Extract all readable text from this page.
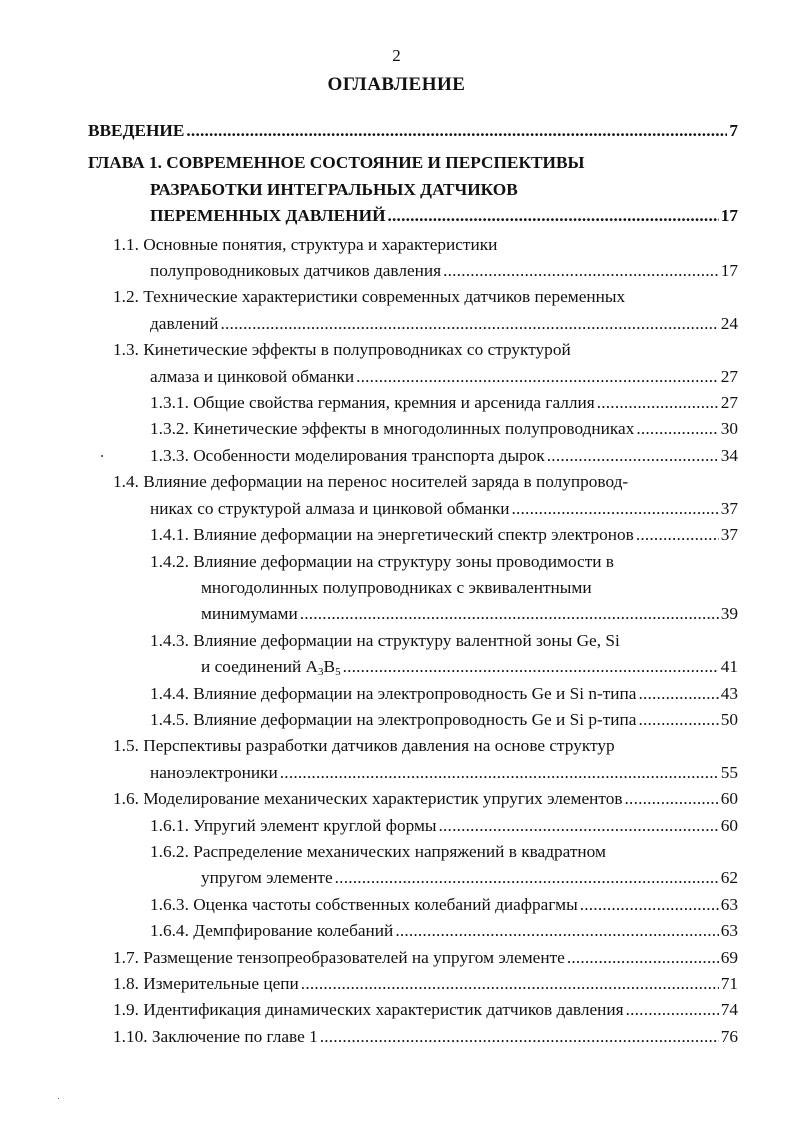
2
ОГЛАВЛЕНИЕ
ВВЕДЕНИЕ .....	7
ГЛАВА 1. СОВРЕМЕННОЕ СОСТОЯНИЕ И ПЕРСПЕКТИВЫ
РАЗРАБОТКИ ИНТЕГРАЛЬНЫХ ДАТЧИКОВ
ПЕРЕМЕННЫХ ДАВЛЕНИЙ .....	17
1.1. Основные понятия, структура и характеристики
полупроводниковых датчиков давления .....	17
1.2. Технические характеристики современных датчиков переменных
давлений .....	24
1.3. Кинетические эффекты в полупроводниках со структурой
алмаза и цинковой обманки .....	27
1.3.1. Общие свойства германия, кремния и арсенида галлия .....	27
1.3.2. Кинетические эффекты в многодолинных полупроводниках .....	30
1.3.3. Особенности моделирования транспорта дырок .....	34
1.4. Влияние деформации на перенос носителей заряда в полупровод-
никах со структурой алмаза и цинковой обманки .....	37
1.4.1. Влияние деформации на энергетический спектр электронов .....	37
1.4.2. Влияние деформации на структуру зоны проводимости в
многодолинных полупроводниках с эквивалентными
минимумами .....	39
1.4.3. Влияние деформации на структуру валентной зоны Ge, Si
и соединений $A_3B_5$ .....	41
1.4.4. Влияние деформации на электропроводность Ge и Si n-типа .....	43
1.4.5. Влияние деформации на электропроводность Ge и Si p-типа .....	50
1.5. Перспективы разработки датчиков давления на основе структур
наноэлектроники .....	55
1.6. Моделирование механических характеристик упругих элементов .....	60
1.6.1. Упругий элемент круглой формы .....	60
1.6.2. Распределение механических напряжений в квадратном
упругом элементе .....	62
1.6.3. Оценка частоты собственных колебаний диафрагмы .....	63
1.6.4. Демпфирование колебаний .....	63
1.7. Размещение тензопреобразователей на упругом элементе .....	69
1.8. Измерительные цепи .....	71
1.9. Идентификация динамических характеристик датчиков давления .....	74
1.10. Заключение по главе 1 .....	76
